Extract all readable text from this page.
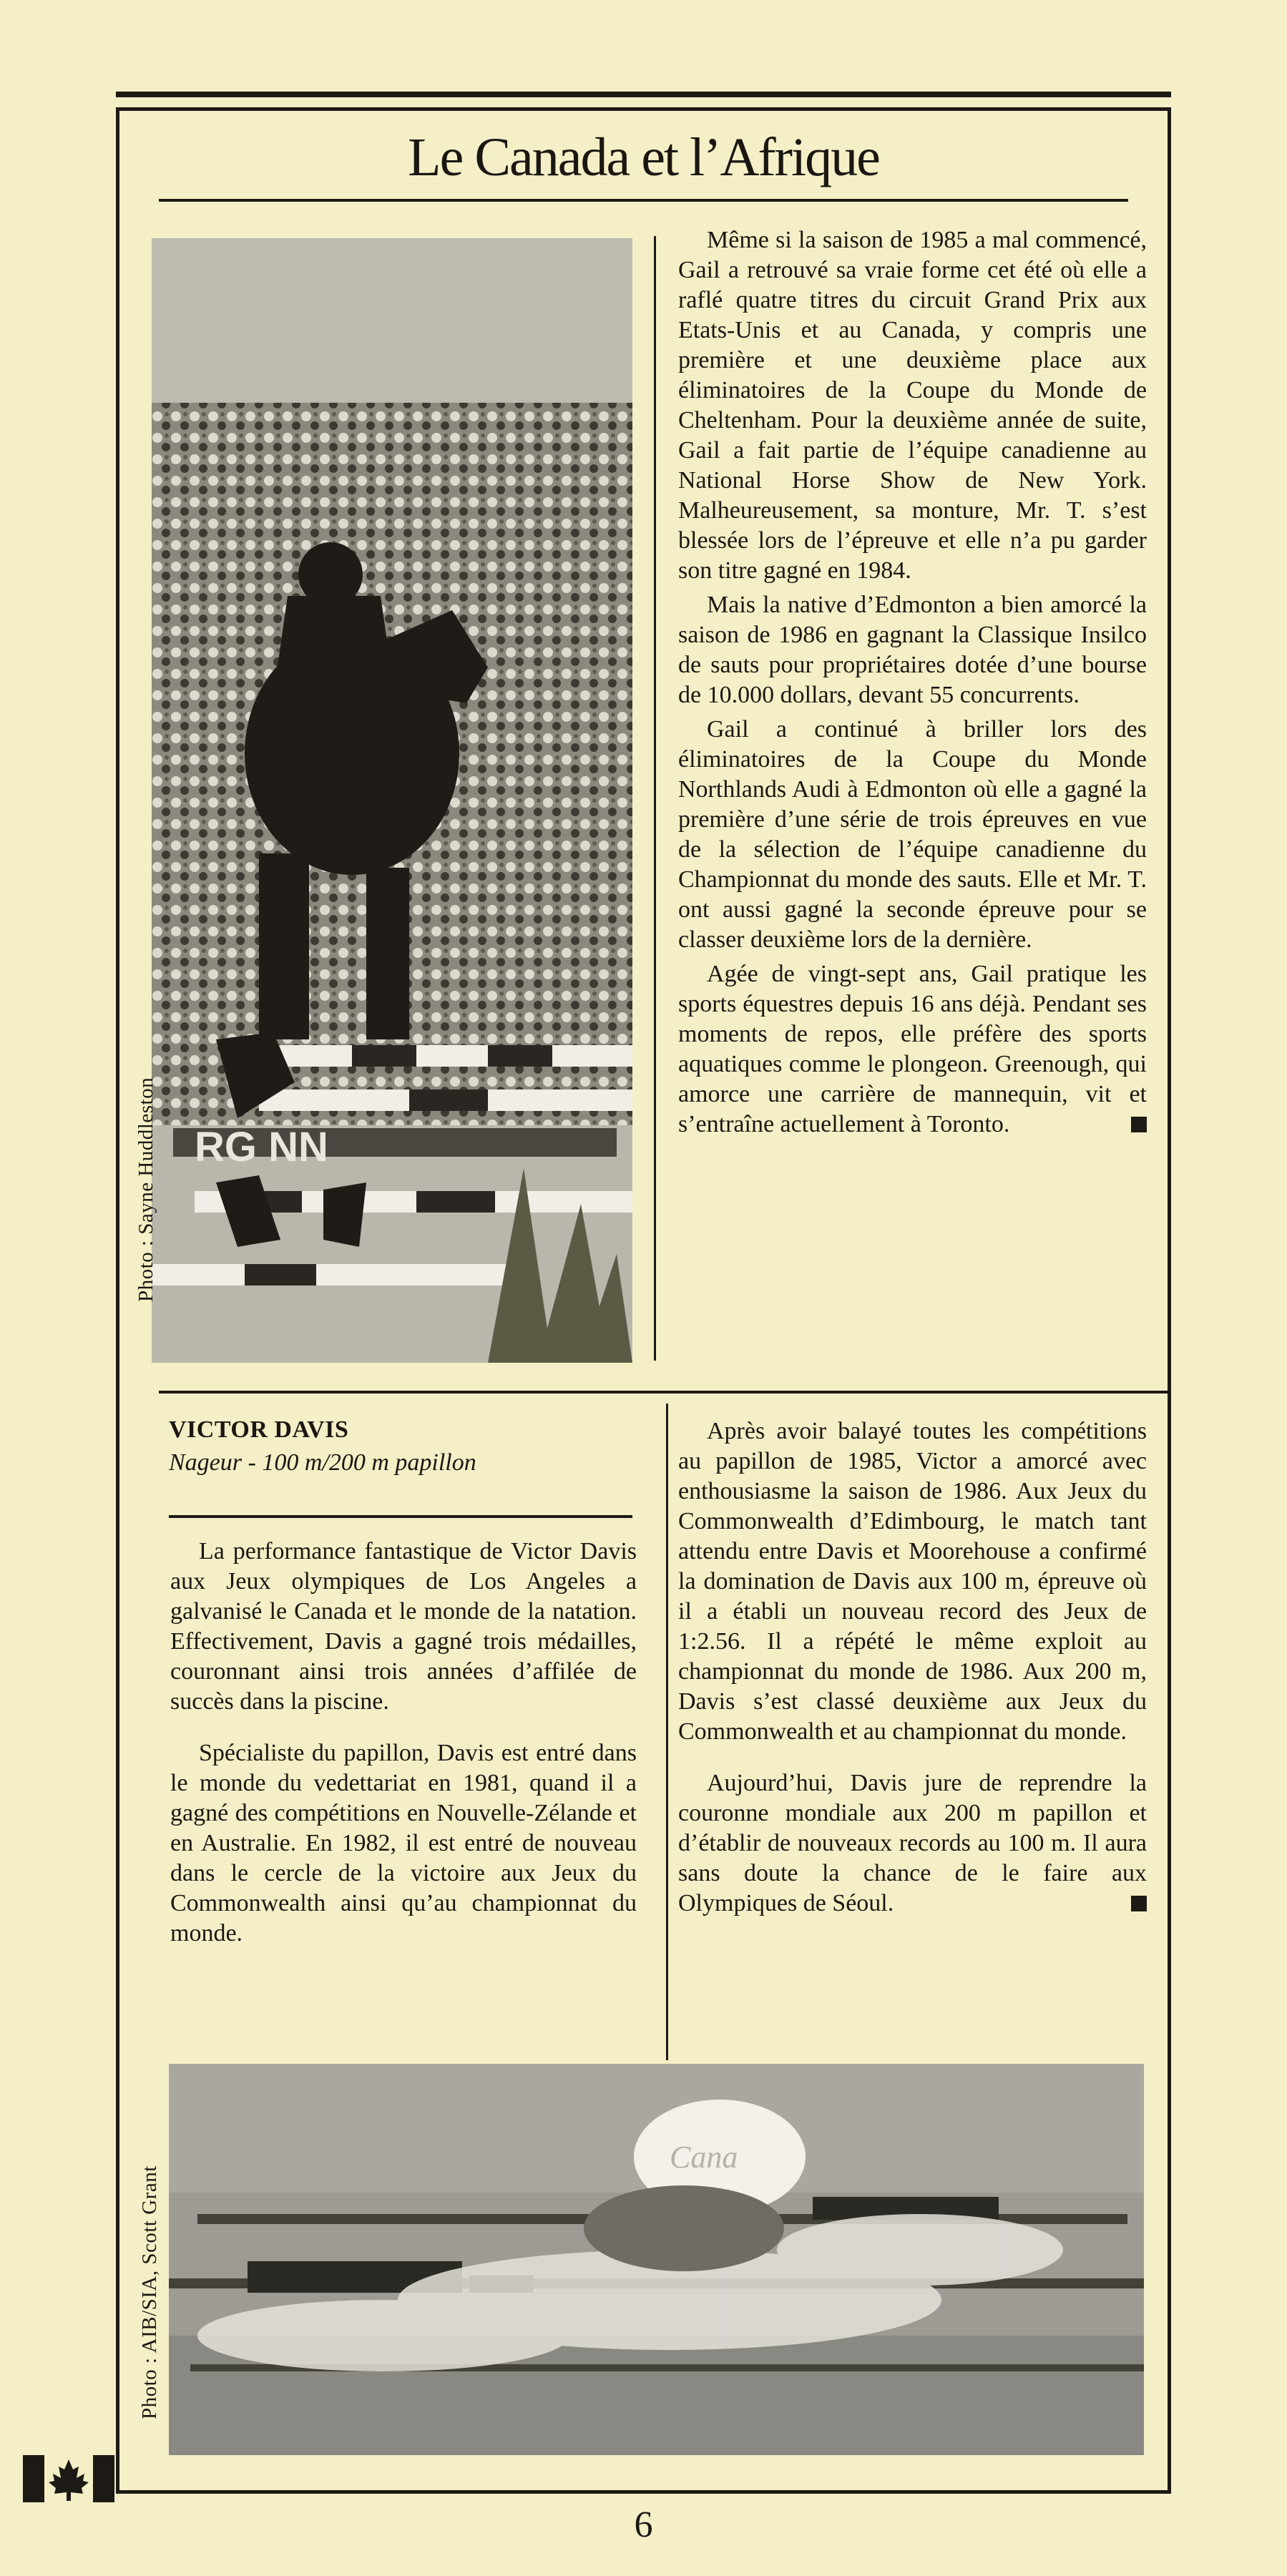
Le Canada et l’Afrique
RG NN
Photo : Sayne Huddleston

Même si la saison de 1985 a mal commencé, Gail a retrouvé sa vraie forme cet été où elle a raflé quatre titres du circuit Grand Prix aux Etats-Unis et au Canada, y compris une première et une deuxième place aux éliminatoires de la Coupe du Monde de Cheltenham. Pour la deuxième année de suite, Gail a fait partie de l’équipe canadienne au National Horse Show de New York. Malheureusement, sa monture, Mr. T. s’est blessée lors de l’épreuve et elle n’a pu garder son titre gagné en 1984.

Mais la native d’Edmonton a bien amorcé la saison de 1986 en gagnant la Classique Insilco de sauts pour propriétaires dotée d’une bourse de 10.000 dollars, devant 55 concurrents.

Gail a continué à briller lors des éliminatoires de la Coupe du Monde Northlands Audi à Edmonton où elle a gagné la première d’une série de trois épreuves en vue de la sélection de l’équipe canadienne du Championnat du monde des sauts. Elle et Mr. T. ont aussi gagné la seconde épreuve pour se classer deuxième lors de la dernière.

Agée de vingt-sept ans, Gail pratique les sports équestres depuis 16 ans déjà. Pendant ses moments de repos, elle préfère des sports aquatiques comme le plongeon. Greenough, qui amorce une carrière de mannequin, vit et s’entraîne actuellement à Toronto.

VICTOR DAVIS
Nageur - 100 m/200 m papillon

La performance fantastique de Victor Davis aux Jeux olympiques de Los Angeles a galvanisé le Canada et le monde de la natation. Effectivement, Davis a gagné trois médailles, couronnant ainsi trois années d’affilée de succès dans la piscine.

Spécialiste du papillon, Davis est entré dans le monde du vedettariat en 1981, quand il a gagné des compétitions en Nouvelle-Zélande et en Australie. En 1982, il est entré de nouveau dans le cercle de la victoire aux Jeux du Commonwealth ainsi qu’au championnat du monde.

Après avoir balayé toutes les compétitions au papillon de 1985, Victor a amorcé avec enthousiasme la saison de 1986. Aux Jeux du Commonwealth d’Edimbourg, le match tant attendu entre Davis et Moorehouse a confirmé la domination de Davis aux 100 m, épreuve où il a établi un nouveau record des Jeux de 1:2.56. Il a répété le même exploit au championnat du monde de 1986. Aux 200 m, Davis s’est classé deuxième aux Jeux du Commonwealth et au championnat du monde.

Aujourd’hui, Davis jure de reprendre la couronne mondiale aux 200 m papillon et d’établir de nouveaux records au 100 m. Il aura sans doute la chance de le faire aux Olympiques de Séoul.

Cana
Photo : AIB/SIA, Scott Grant
6
